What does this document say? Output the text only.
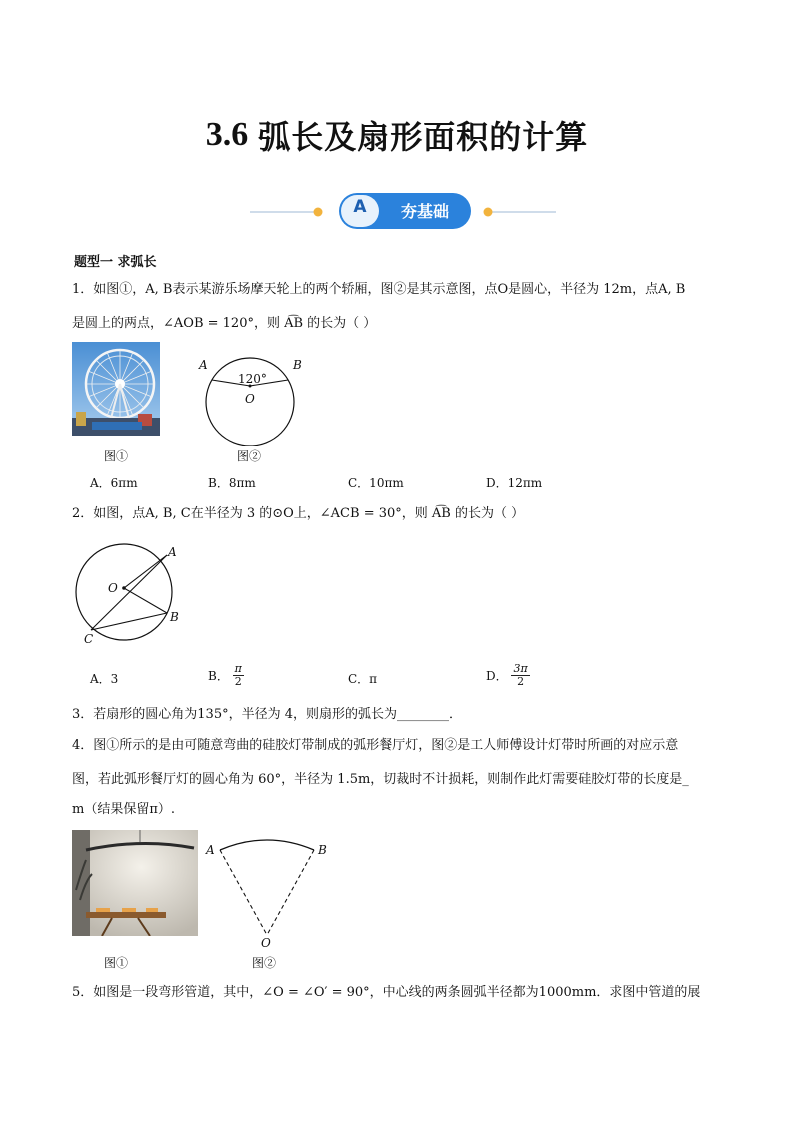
3.6 弧长及扇形面积的计算
A	夯基础
题型一 求弧长
1．如图①，A, B表示某游乐场摩天轮上的两个轿厢，图②是其示意图，点O是圆心，半径为 12m，点A, B
是圆上的两点，∠AOB = 120°，则 A͡B 的长为（ ）
A	B
120°
O
图①	图②
A．6πm	B．8πm	C．10πm	D．12πm
2．如图，点A, B, C在半径为 3 的⊙O上，∠ACB = 30°，则 A͡B 的长为（ ）
A
O
B
C
A．3	B． $\frac{\pi}{2}$	C．π	D． $\frac{3\pi}{2}$
3．若扇形的圆心角为135°，半径为 4，则扇形的弧长为________．
4．图①所示的是由可随意弯曲的硅胶灯带制成的弧形餐厅灯，图②是工人师傅设计灯带时所画的对应示意
图，若此弧形餐厅灯的圆心角为 60°，半径为 1.5m，切裁时不计损耗，则制作此灯需要硅胶灯带的长度是_
m（结果保留π）.
A	B
O
图①	图②
5．如图是一段弯形管道，其中，∠O = ∠O′ = 90°，中心线的两条圆弧半径都为1000mm．求图中管道的展
